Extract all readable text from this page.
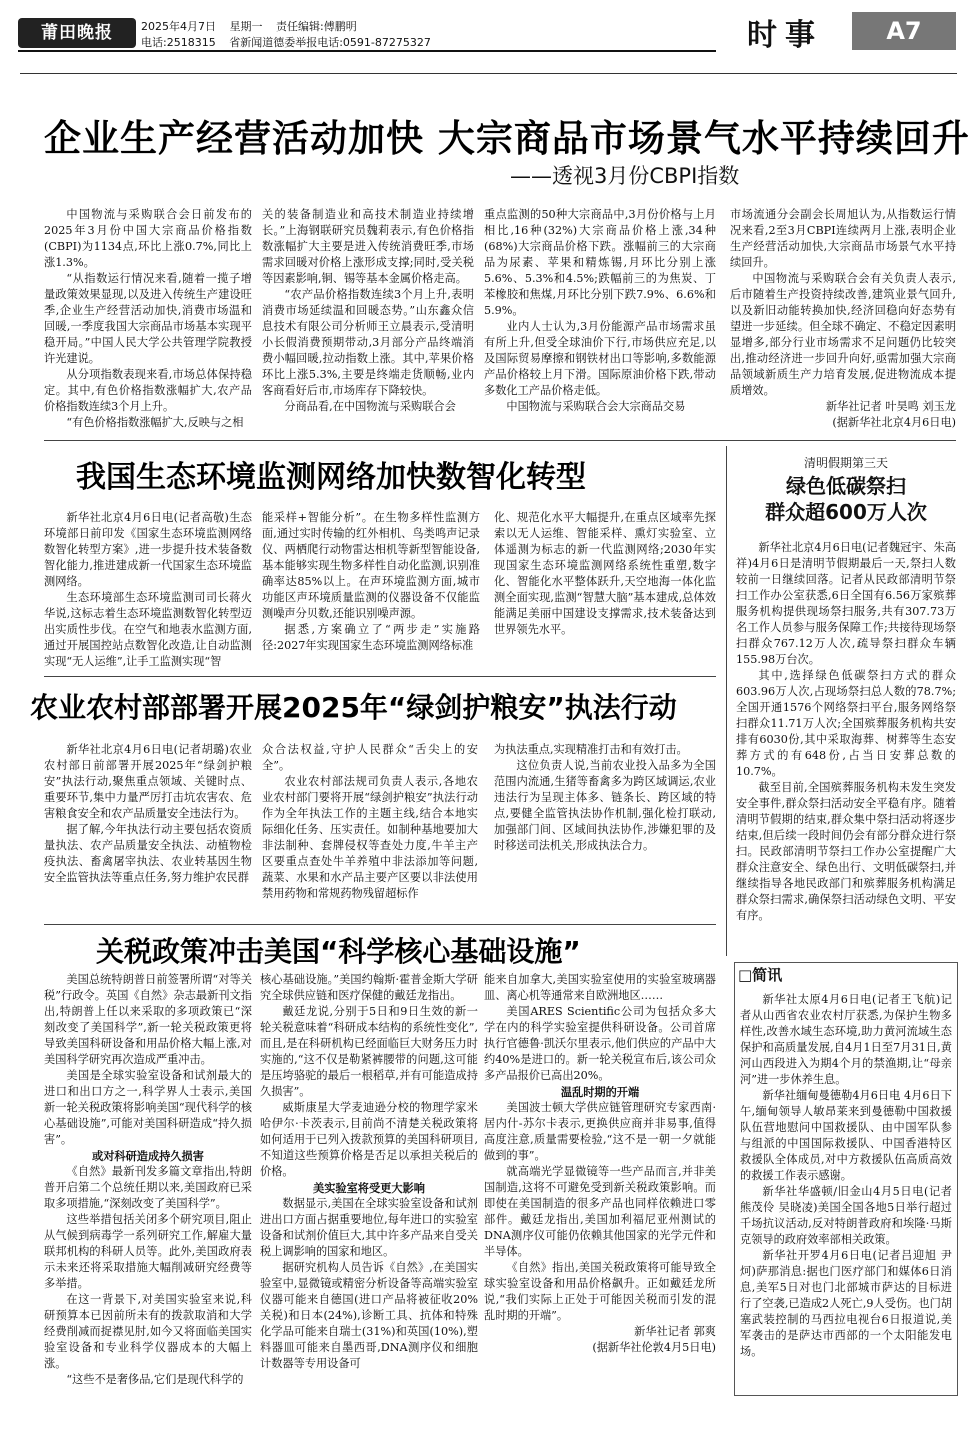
莆田晚报	2025年4月7日 星期一 责任编辑:傅鹏明
电话:2518315 省新闻道德委举报电话:0591-87275327	时事	A7
企业生产经营活动加快 大宗商品市场景气水平持续回升
——透视3月份CBPI指数

中国物流与采购联合会日前发布的2025年3月份中国大宗商品价格指数(CBPI)为1134点,环比上涨0.7%,同比上涨1.3%。

“从指数运行情况来看,随着一揽子增量政策效果显现,以及进入传统生产建设旺季,企业生产经营活动加快,消费市场温和回暖,一季度我国大宗商品市场基本实现平稳开局。”中国人民大学公共管理学院教授许光建说。

从分项指数表现来看,市场总体保持稳定。其中,有色价格指数涨幅扩大,农产品价格指数连续3个月上升。

“有色价格指数涨幅扩大,反映与之相

关的装备制造业和高技术制造业持续增长。”上海钢联研究员魏莉表示,有色价格指数涨幅扩大主要是进入传统消费旺季,市场需求回暖对价格上涨形成支撑;同时,受关税等因素影响,铜、锡等基本金属价格走高。

“农产品价格指数连续3个月上升,表明消费市场延续温和回暖态势。”山东鑫众信息技术有限公司分析师王立晨表示,受清明小长假消费预期带动,3月部分产品终端消费小幅回暖,拉动指数上涨。其中,苹果价格环比上涨5.3%,主要是终端走货顺畅,业内客商看好后市,市场库存下降较快。

分商品看,在中国物流与采购联合会

重点监测的50种大宗商品中,3月份价格与上月相比,16种(32%)大宗商品价格上涨,34种(68%)大宗商品价格下跌。涨幅前三的大宗商品为尿素、苹果和精炼锡,月环比分别上涨5.6%、5.3%和4.5%;跌幅前三的为焦炭、丁苯橡胶和焦煤,月环比分别下跌7.9%、6.6%和5.9%。

业内人士认为,3月份能源产品市场需求虽有所上升,但受全球油价下行,市场供应充足,以及国际贸易摩擦和钢铁材出口等影响,多数能源产品价格较上月下滑。国际原油价格下跌,带动多数化工产品价格走低。

中国物流与采购联合会大宗商品交易

市场流通分会副会长周旭认为,从指数运行情况来看,2至3月CBPI连续两月上涨,表明企业生产经营活动加快,大宗商品市场景气水平持续回升。

中国物流与采购联合会有关负责人表示,后市随着生产投资持续改善,建筑业景气回升,以及新旧动能转换加快,经济回稳向好态势有望进一步延续。但全球不确定、不稳定因素明显增多,部分行业市场需求不足问题仍比较突出,推动经济进一步回升向好,亟需加强大宗商品领域新质生产力培育发展,促进物流成本提质增效。

新华社记者 叶昊鸣 刘玉龙

(据新华社北京4月6日电)

我国生态环境监测网络加快数智化转型

新华社北京4月6日电(记者高敬)生态环境部日前印发《国家生态环境监测网络数智化转型方案》,进一步提升技术装备数智化能力,推进建成新一代国家生态环境监测网络。

生态环境部生态环境监测司司长蒋火华说,这标志着生态环境监测数智化转型迈出实质性步伐。在空气和地表水监测方面,通过开展国控站点数智化改造,让自动监测实现“无人运维”,让手工监测实现“智

能采样+智能分析”。在生物多样性监测方面,通过实时传输的红外相机、鸟类鸣声记录仪、两栖爬行动物雷达相机等新型智能设备,基本能够实现生物多样性自动化监测,识别准确率达85%以上。在声环境监测方面,城市功能区声环境质量监测的仪器设备不仅能监测噪声分贝数,还能识别噪声源。

据悉,方案确立了“两步走”实施路径:2027年实现国家生态环境监测网络标准

化、规范化水平大幅提升,在重点区域率先探索以无人运维、智能采样、熏灯实验室、立体遥测为标志的新一代监测网络;2030年实现国家生态环境监测网络系统性重塑,数字化、智能化水平整体跃升,天空地海一体化监测全面实现,监测“智慧大脑”基本建成,总体效能满足美丽中国建设支撑需求,技术装备达到世界领先水平。

清明假期第三天
绿色低碳祭扫
群众超600万人次

新华社北京4月6日电(记者魏冠宇、朱高祥)4月6日是清明节假期最后一天,祭扫人数较前一日继续回落。记者从民政部清明节祭扫工作办公室获悉,6日全国有6.56万家殡葬服务机构提供现场祭扫服务,共有307.73万名工作人员参与服务保障工作;共接待现场祭扫群众767.12万人次,疏导祭扫群众车辆155.98万台次。

其中,选择绿色低碳祭扫方式的群众603.96万人次,占现场祭扫总人数的78.7%;全国开通1576个网络祭扫平台,服务网络祭扫群众11.71万人次;全国殡葬服务机构共安排有6030份,其中采取海葬、树葬等生态安葬方式的有648份,占当日安葬总数的10.7%。

截至目前,全国殡葬服务机构未发生突发安全事件,群众祭扫活动安全平稳有序。随着清明节假期的结束,群众集中祭扫活动将逐步结束,但后续一段时间仍会有部分群众进行祭扫。民政部清明节祭扫工作办公室提醒广大群众注意安全、绿色出行、文明低碳祭扫,并继续指导各地民政部门和殡葬服务机构满足群众祭扫需求,确保祭扫活动绿色文明、平安有序。

农业农村部部署开展2025年“绿剑护粮安”执法行动

新华社北京4月6日电(记者胡璐)农业农村部日前部署开展2025年“绿剑护粮安”执法行动,聚焦重点领域、关键时点、重要环节,集中力量严厉打击坑农害农、危害粮食安全和农产品质量安全违法行为。

据了解,今年执法行动主要包括农资质量执法、农产品质量安全执法、动植物检疫执法、畜禽屠宰执法、农业转基因生物安全监管执法等重点任务,努力维护农民群

众合法权益,守护人民群众“舌尖上的安全”。

农业农村部法规司负责人表示,各地农业农村部门要将开展“绿剑护粮安”执法行动作为全年执法工作的主题主线,结合本地实际细化任务、压实责任。如制种基地要加大非法制种、套牌侵权等查处力度,牛羊主产区要重点查处牛羊养殖中非法添加等问题,蔬菜、水果和水产品主要产区要以非法使用禁用药物和常规药物残留超标作

为执法重点,实现精准打击和有效打击。

这位负责人说,当前农业投入品多为全国范围内流通,生猪等畜禽多为跨区域调运,农业违法行为呈现主体多、链条长、跨区域的特点,要健全监管执法协作机制,强化检打联动,加强部门间、区域间执法协作,涉嫌犯罪的及时移送司法机关,形成执法合力。

关税政策冲击美国“科学核心基础设施”

美国总统特朗普日前签署所谓“对等关税”行政令。英国《自然》杂志最新刊文指出,特朗普上任以来采取的多项政策已“深刻改变了美国科学”,新一轮关税政策更将导致美国科研设备和用品价格大幅上涨,对美国科学研究再次造成严重冲击。

美国是全球实验室设备和试剂最大的进口和出口方之一,科学界人士表示,美国新一轮关税政策将影响美国“现代科学的核心基础设施”,可能对美国科研造成“持久损害”。

或对科研造成持久损害

《自然》最新刊发多篇文章指出,特朗普开启第二个总统任期以来,美国政府已采取多项措施,“深刻改变了美国科学”。

这些举措包括关闭多个研究项目,阻止从气候到病毒学一系列研究工作,解雇大量联邦机构的科研人员等。此外,美国政府表示未来还将采取措施大幅削减研究经费等多举措。

在这一背景下,对美国实验室来说,科研预算本已因前所未有的拨款取消和大学经费削减而捉襟见肘,如今又将面临美国实验室设备和专业科学仪器成本的大幅上涨。

“这些不是奢侈品,它们是现代科学的

核心基础设施。”美国约翰斯·霍普金斯大学研究全球供应链和医疗保健的戴廷龙指出。

戴廷龙说,分别于5日和9日生效的新一轮关税意味着“科研成本结构的系统性变化”,而且,是在科研机构已经面临巨大财务压力时实施的,“这不仅是勒紧裤腰带的问题,这可能是压垮骆驼的最后一根稻草,并有可能造成持久损害”。

威斯康星大学麦迪逊分校的物理学家米哈伊尔·卡茨表示,目前尚不清楚关税政策将如何适用于已列入拨款预算的美国科研项目,不知道这些预算价格是否足以承担关税后的价格。

美实验室将受更大影响

数据显示,美国在全球实验室设备和试剂进出口方面占据重要地位,每年进口的实验室设备和试剂价值巨大,其中许多产品来自受关税上调影响的国家和地区。

据研究机构人员告诉《自然》,在美国实验室中,显微镜或精密分析设备等高端实验室仪器可能来自德国(进口产品将被征收20%关税)和日本(24%),诊断工具、抗体和特殊化学品可能来自瑞士(31%)和英国(10%),塑料器皿可能来自墨西哥,DNA测序仪和细胞计数器等专用设备可

能来自加拿大,美国实验室使用的实验室玻璃器皿、离心机等通常来自欧洲地区……

美国ARES Scientific公司为包括众多大学在内的科学实验室提供科研设备。公司首席执行官德鲁·凯沃尔里表示,他们供应的产品中大约40%是进口的。新一轮关税宣布后,该公司众多产品报价已高出20%。

温乱时期的开端

美国波士顿大学供应链管理研究专家西南·居内什-苏尔卡表示,更换供应商并非易事,值得高度注意,质量需要检验,“这不是一朝一夕就能做到的事”。

就高端光学显微镜等一些产品而言,并非美国制造,这将不可避免受到新关税政策影响。而即使在美国制造的很多产品也同样依赖进口零部件。戴廷龙指出,美国加利福尼亚州测试的DNA测序仪可能仍依赖其他国家的光学元件和半导体。

《自然》指出,美国关税政策将可能导致全球实验室设备和用品价格飙升。正如戴廷龙所说,“我们实际上正处于可能因关税而引发的混乱时期的开端”。

新华社记者 郭爽

(据新华社伦敦4月5日电)

□简讯

新华社太原4月6日电(记者王飞航)记者从山西省农业农村厅获悉,为保护生物多样性,改善水域生态环境,助力黄河流域生态保护和高质量发展,自4月1日至7月31日,黄河山西段进入为期4个月的禁渔期,让“母亲河”进一步休养生息。

新华社缅甸曼德勒4月6日电 4月6日下午,缅甸领导人敏昂莱来到曼德勒中国救援队伍营地慰问中国救援队、由中国军队参与组派的中国国际救援队、中国香港特区救援队全体成员,对中方救援队伍高质高效的救援工作表示感谢。

新华社华盛顿/旧金山4月5日电(记者熊茂伶 吴晓凌)美国全国各地5日举行超过千场抗议活动,反对特朗普政府和埃隆·马斯克领导的政府效率部相关政策。

新华社开罗4月6日电(记者吕迎旭 尹炣)萨那消息:据也门医疗部门和媒体6日消息,美军5日对也门北部城市萨达的目标进行了空袭,已造成2人死亡,9人受伤。也门胡塞武装控制的马西拉电视台6日报道说,美军袭击的是萨达市西部的一个太阳能发电场。
